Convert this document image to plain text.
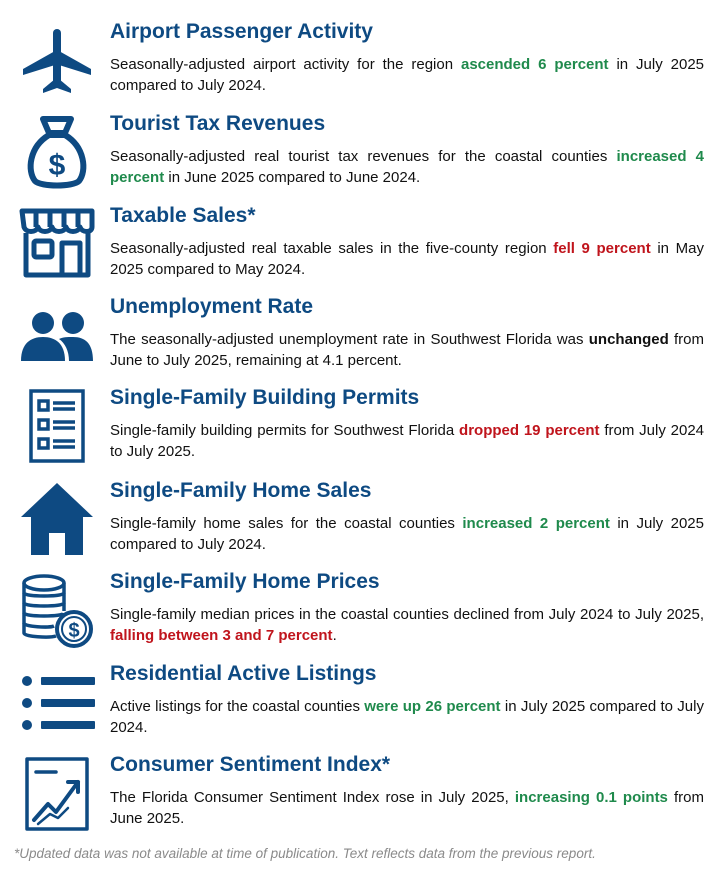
Airport Passenger Activity

Seasonally-adjusted airport activity for the region ascended 6 percent in July 2025 compared to July 2024.

$
Tourist Tax Revenues

Seasonally-adjusted real tourist tax revenues for the coastal counties increased 4 percent in June 2025 compared to June 2024.

Taxable Sales*

Seasonally-adjusted real taxable sales in the five-county region fell 9 percent in May 2025 compared to May 2024.

Unemployment Rate

The seasonally-adjusted unemployment rate in Southwest Florida was unchanged from June to July 2025, remaining at 4.1 percent.

Single-Family Building Permits

Single-family building permits for Southwest Florida dropped 19 percent from July 2024 to July 2025.

Single-Family Home Sales

Single-family home sales for the coastal counties increased 2 percent in July 2025 compared to July 2024.

$
Single-Family Home Prices

Single-family median prices in the coastal counties declined from July 2024 to July 2025, falling between 3 and 7 percent.

Residential Active Listings

Active listings for the coastal counties were up 26 percent in July 2025 compared to July 2024.

Consumer Sentiment Index*

The Florida Consumer Sentiment Index rose in July 2025, increasing 0.1 points from June 2025.

*Updated data was not available at time of publication. Text reflects data from the previous report.
